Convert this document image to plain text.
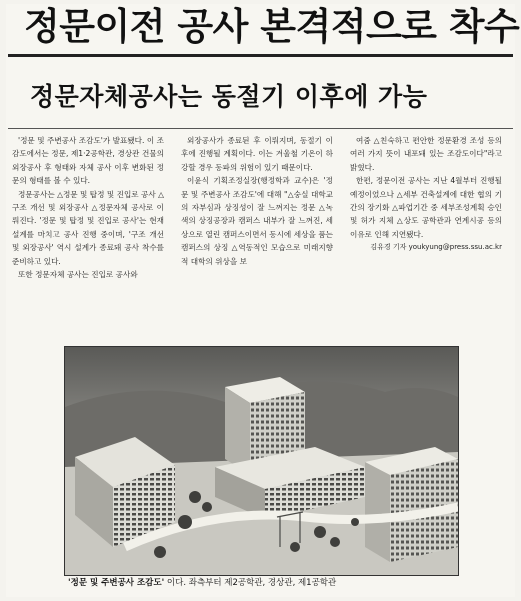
정문이전 공사 본격적으로 착수
정문자체공사는 동절기 이후에 가능

'정문 및 주변공사 조감도'가 발표됐다. 이 조감도에서는 정문, 제1·2공학관, 경상관 건물의 외장공사 후 형태와 자체 공사 이후 변화된 정문의 형태를 볼 수 있다.

정문공사는 △정문 및 탑정 및 진입로 공사 △구조 개선 및 외장공사 △정문자체 공사로 이뤄진다. '정문 및 탑정 및 진입로 공사'는 현재 설계를 마치고 공사 진행 중이며, '구조 개선 및 외장공사' 역시 설계가 종료돼 공사 착수를 준비하고 있다.

또한 정문자체 공사는 진입로 공사와

외장공사가 종료된 후 이뤄지며, 동절기 이후에 진행될 계획이다. 이는 겨울철 기온이 하강할 경우 동파의 위험이 있기 때문이다.

이윤식 기획조정실장(행정학과 교수)은 '정문 및 주변공사 조감도'에 대해 "△숭실 대학교의 자부심과 상징성이 잘 느껴지는 정문 △녹색의 상징공장과 캠퍼스 내부가 잘 느껴진, 세상으로 열린 캠퍼스이면서 동시에 세상을 품는 캠퍼스의 상징 △역동적인 모습으로 미래지향적 대학의 위상을 보

여줌 △친숙하고 편안한 정문환경 조성 등의 여러 가지 뜻이 내포돼 있는 조감도이다"라고 밝혔다.

한편, 정문이전 공사는 지난 4월부터 진행될 예정이었으나 △세부 건축설계에 대한 협의 기간의 장기화 △파업기간 중 세부조성계획 승인 및 허가 지체 △상도 공학관과 연계시공 등의 이유로 인해 지연됐다.

김유경 기자 youkyung@press.ssu.ac.kr

'정문 및 주변공사 조감도' 이다. 좌측부터 제2공학관, 경상관, 제1공학관
